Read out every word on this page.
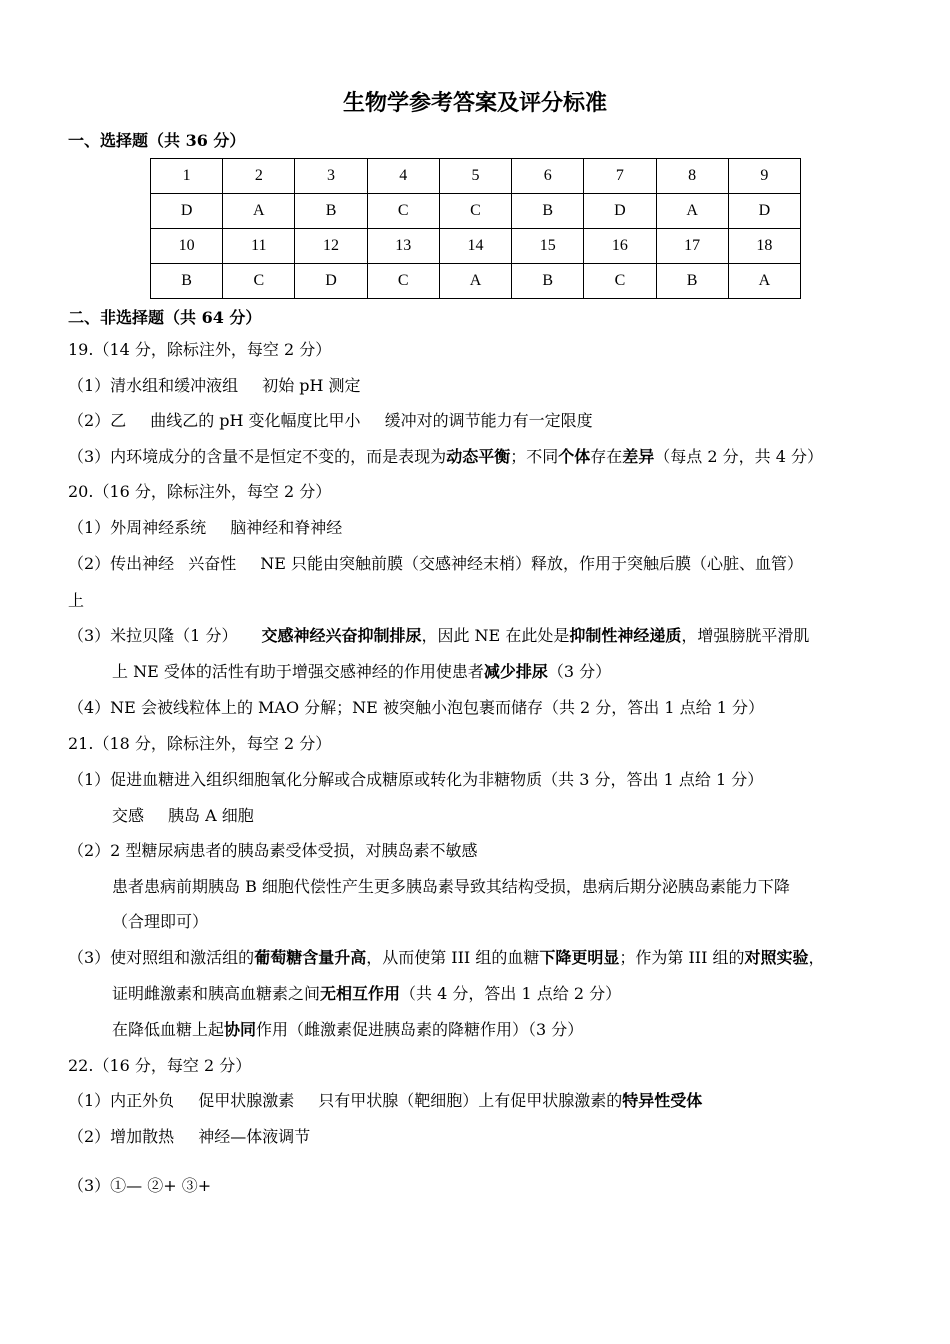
生物学参考答案及评分标准
一、选择题（共 36 分）
1	2	3	4	5	6	7	8	9
D	A	B	C	C	B	D	A	D
10	11	12	13	14	15	16	17	18
B	C	D	C	A	B	C	B	A
二、非选择题（共 64 分）
19.（14 分，除标注外，每空 2 分）
（1）清水组和缓冲液组 初始 pH 测定
（2）乙 曲线乙的 pH 变化幅度比甲小 缓冲对的调节能力有一定限度
（3）内环境成分的含量不是恒定不变的，而是表现为动态平衡；不同个体存在差异（每点 2 分，共 4 分）
20.（16 分，除标注外，每空 2 分）
（1）外周神经系统 脑神经和脊神经
（2）传出神经 兴奋性 NE 只能由突触前膜（交感神经末梢）释放，作用于突触后膜（心脏、血管）
上
（3）米拉贝隆（1 分） 交感神经兴奋抑制排尿，因此 NE 在此处是抑制性神经递质，增强膀胱平滑肌
上 NE 受体的活性有助于增强交感神经的作用使患者减少排尿（3 分）
（4）NE 会被线粒体上的 MAO 分解；NE 被突触小泡包裹而储存（共 2 分，答出 1 点给 1 分）
21.（18 分，除标注外，每空 2 分）
（1）促进血糖进入组织细胞氧化分解或合成糖原或转化为非糖物质（共 3 分，答出 1 点给 1 分）
交感 胰岛 A 细胞
（2）2 型糖尿病患者的胰岛素受体受损，对胰岛素不敏感
患者患病前期胰岛 B 细胞代偿性产生更多胰岛素导致其结构受损，患病后期分泌胰岛素能力下降
（合理即可）
（3）使对照组和激活组的葡萄糖含量升高，从而使第 III 组的血糖下降更明显；作为第 III 组的对照实验，
证明雌激素和胰高血糖素之间无相互作用（共 4 分，答出 1 点给 2 分）
在降低血糖上起协同作用（雌激素促进胰岛素的降糖作用）（3 分）
22.（16 分，每空 2 分）
（1）内正外负 促甲状腺激素 只有甲状腺（靶细胞）上有促甲状腺激素的特异性受体
（2）增加散热 神经—体液调节
（3）①— ②+ ③+
